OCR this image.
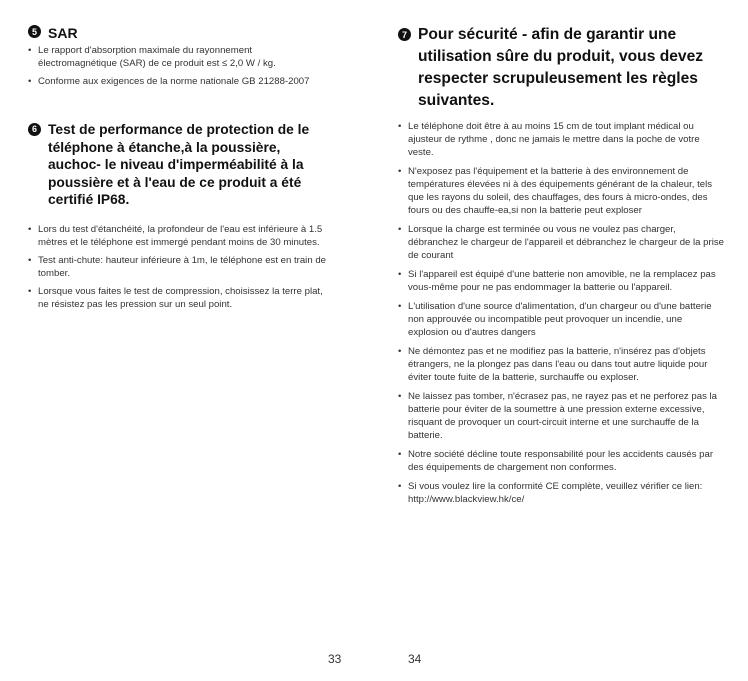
5 SAR
• Le rapport d'absorption maximale du rayonnement électromagnétique (SAR) de ce produit est ≤ 2,0 W / kg.
• Conforme aux exigences de la norme nationale GB 21288-2007
6 Test de performance de protection de le téléphone à étanche,à la poussière, auchoc- le niveau d'imperméabilité à la poussière et à l'eau de ce produit a été certifié IP68.
• Lors du test d'étanchéité, la profondeur de l'eau est inférieure à 1.5 mètres et le téléphone est immergé pendant moins de 30 minutes.
• Test anti-chute: hauteur inférieure à 1m, le téléphone est en train de tomber.
• Lorsque vous faites le test de compression, choisissez la terre plat, ne résistez pas les pression sur un seul point.
33
7 Pour sécurité - afin de garantir une utilisation sûre du produit, vous devez respecter scrupuleusement les règles suivantes.
• Le téléphone doit être à au moins 15 cm de tout implant médical ou ajusteur de rythme , donc ne jamais le mettre dans la poche de votre veste.
• N'exposez pas l'équipement et la batterie à des environnement de températures élevées ni à des équipements générant de la chaleur, tels que les rayons du soleil, des chauffages, des fours à micro-ondes, des fours ou des chauffe-ea,si non la batterie peut exploser
• Lorsque la charge est terminée ou vous ne voulez pas charger, débranchez le chargeur de l'appareil et débranchez le chargeur de la prise de courant
• Si l'appareil est équipé d'une batterie non amovible, ne la remplacez pas vous-même pour ne pas endommager la batterie ou l'appareil.
• L'utilisation d'une source d'alimentation, d'un chargeur ou d'une batterie non approuvée ou incompatible peut provoquer un incendie, une explosion ou d'autres dangers
• Ne démontez pas et ne modifiez pas la batterie, n'insérez pas d'objets étrangers, ne la plongez pas dans l'eau ou dans tout autre liquide pour éviter toute fuite de la batterie, surchauffe ou exploser.
• Ne laissez pas tomber, n'écrasez pas, ne rayez pas et ne perforez pas la batterie pour éviter de la soumettre à une pression externe excessive, risquant de provoquer un court-circuit interne et une surchauffe de la batterie.
• Notre société décline toute responsabilité pour les accidents causés par des équipements de chargement non conformes.
• Si vous voulez lire la conformité CE complète, veuillez vérifier ce lien: http://www.blackview.hk/ce/
34
